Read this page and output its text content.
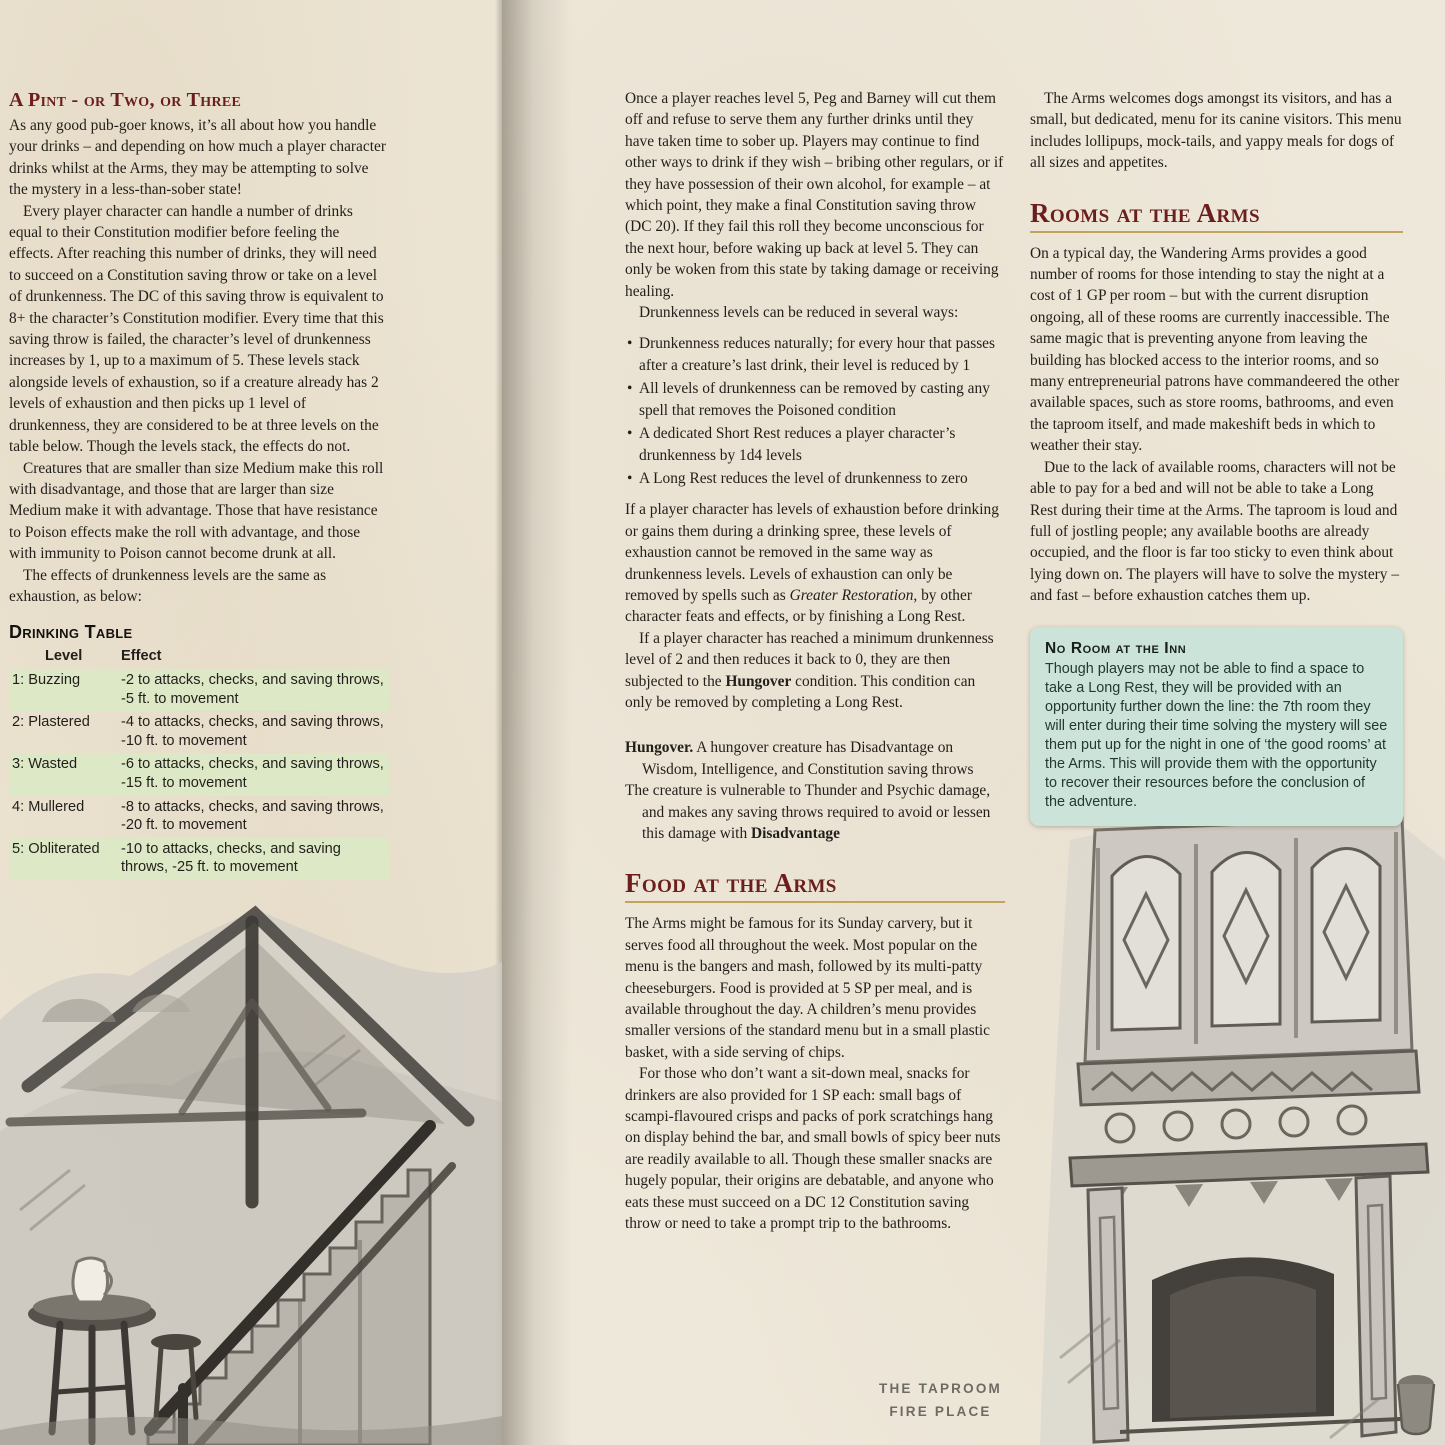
A Pint - or Two, or Three

As any good pub-goer knows, it’s all about how you handle your drinks – and depending on how much a player character drinks whilst at the Arms, they may be attempting to solve the mystery in a less-than-sober state!

Every player character can handle a number of drinks equal to their Constitution modifier before feeling the effects. After reaching this number of drinks, they will need to succeed on a Constitution saving throw or take on a level of drunkenness. The DC of this saving throw is equivalent to 8+ the character’s Constitution modifier. Every time that this saving throw is failed, the character’s level of drunkenness increases by 1, up to a maximum of 5. These levels stack alongside levels of exhaustion, so if a creature already has 2 levels of exhaustion and then picks up 1 level of drunkenness, they are considered to be at three levels on the table below. Though the levels stack, the effects do not.

Creatures that are smaller than size Medium make this roll with disadvantage, and those that are larger than size Medium make it with advantage. Those that have resistance to Poison effects make the roll with advantage, and those with immunity to Poison cannot become drunk at all.

The effects of drunkenness levels are the same as exhaustion, as below:

Drinking Table
Level	Effect
1: Buzzing	-2 to attacks, checks, and saving throws, -5 ft. to movement
2: Plastered	-4 to attacks, checks, and saving throws, -10 ft. to movement
3: Wasted	-6 to attacks, checks, and saving throws, -15 ft. to movement
4: Mullered	-8 to attacks, checks, and saving throws, -20 ft. to movement
5: Obliterated	-10 to attacks, checks, and saving throws, -25 ft. to movement

Once a player reaches level 5, Peg and Barney will cut them off and refuse to serve them any further drinks until they have taken time to sober up. Players may continue to find other ways to drink if they wish – bribing other regulars, or if they have possession of their own alcohol, for example – at which point, they make a final Constitution saving throw (DC 20). If they fail this roll they become unconscious for the next hour, before waking up back at level 5. They can only be woken from this state by taking damage or receiving healing.

Drunkenness levels can be reduced in several ways:

• Drunkenness reduces naturally; for every hour that passes after a creature’s last drink, their level is reduced by 1
• All levels of drunkenness can be removed by casting any spell that removes the Poisoned condition
• A dedicated Short Rest reduces a player character’s drunkenness by 1d4 levels
• A Long Rest reduces the level of drunkenness to zero

If a player character has levels of exhaustion before drinking or gains them during a drinking spree, these levels of exhaustion cannot be removed in the same way as drunkenness levels. Levels of exhaustion can only be removed by spells such as Greater Restoration, by other character feats and effects, or by finishing a Long Rest.

If a player character has reached a minimum drunkenness level of 2 and then reduces it back to 0, they are then subjected to the Hungover condition. This condition can only be removed by completing a Long Rest.

Hungover. A hungover creature has Disadvantage on Wisdom, Intelligence, and Constitution saving throws

The creature is vulnerable to Thunder and Psychic damage, and makes any saving throws required to avoid or lessen this damage with Disadvantage

Food at the Arms

The Arms might be famous for its Sunday carvery, but it serves food all throughout the week. Most popular on the menu is the bangers and mash, followed by its multi-patty cheeseburgers. Food is provided at 5 SP per meal, and is available throughout the day. A children’s menu provides smaller versions of the standard menu but in a small plastic basket, with a side serving of chips.

For those who don’t want a sit-down meal, snacks for drinkers are also provided for 1 SP each: small bags of scampi-flavoured crisps and packs of pork scratchings hang on display behind the bar, and small bowls of spicy beer nuts are readily available to all. Though these smaller snacks are hugely popular, their origins are debatable, and anyone who eats these must succeed on a DC 12 Constitution saving throw or need to take a prompt trip to the bathrooms.

The Arms welcomes dogs amongst its visitors, and has a small, but dedicated, menu for its canine visitors. This menu includes lollipups, mock-tails, and yappy meals for dogs of all sizes and appetites.

Rooms at the Arms

On a typical day, the Wandering Arms provides a good number of rooms for those intending to stay the night at a cost of 1 GP per room – but with the current disruption ongoing, all of these rooms are currently inaccessible. The same magic that is preventing anyone from leaving the building has blocked access to the interior rooms, and so many entrepreneurial patrons have commandeered the other available spaces, such as store rooms, bathrooms, and even the taproom itself, and made makeshift beds in which to weather their stay.

Due to the lack of available rooms, characters will not be able to pay for a bed and will not be able to take a Long Rest during their time at the Arms. The taproom is loud and full of jostling people; any available booths are already occupied, and the floor is far too sticky to even think about lying down on. The players will have to solve the mystery – and fast – before exhaustion catches them up.

No Room at the Inn
Though players may not be able to find a space to take a Long Rest, they will be provided with an opportunity further down the line: the 7th room they will enter during their time solving the mystery will see them put up for the night in one of ‘the good rooms’ at the Arms. This will provide them with the opportunity to recover their resources before the conclusion of the adventure.
THE TAPROOM
FIRE PLACE
